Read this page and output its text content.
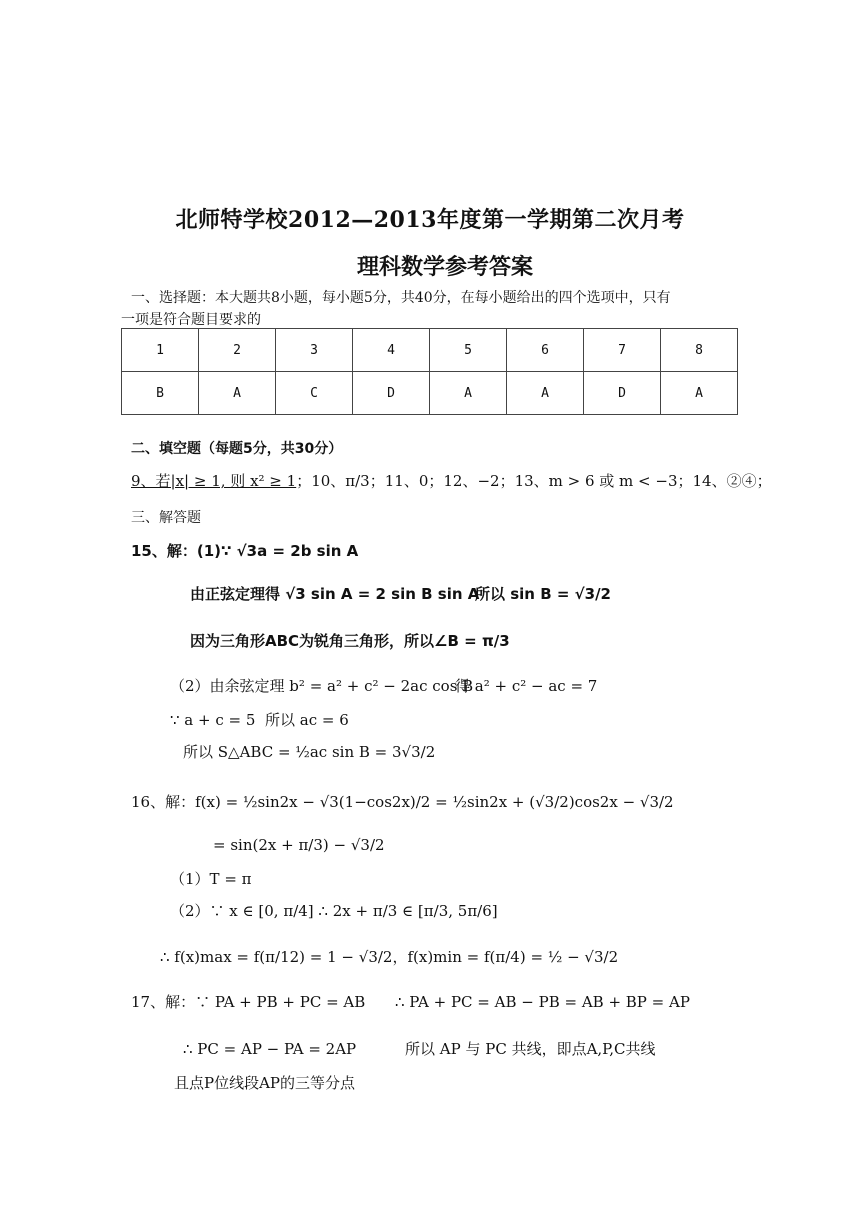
北师特学校2012—2013年度第一学期第二次月考
理科数学参考答案
一、选择题：本大题共8小题，每小题5分，共40分，在每小题给出的四个选项中，只有
一项是符合题目要求的
1	2	3	4	5	6	7	8
B	A	C	D	A	A	D	A
二、填空题（每题5分，共30分）
9、若|x| ≥ 1, 则 x² ≥ 1；10、π/3；11、0；12、−2；13、m > 6 或 m < −3；14、②④；
三、解答题
15、解：(1)∵ √3a = 2b sin A
由正弦定理得 √3 sin A = 2 sin B sin A
所以 sin B = √3/2
因为三角形ABC为锐角三角形，所以∠B = π/3
（2）由余弦定理 b² = a² + c² − 2ac cos B
得 a² + c² − ac = 7
∵ a + c = 5 所以 ac = 6
所以 S△ABC = ½ac sin B = 3√3/2
16、解：f(x) = ½sin2x − √3(1−cos2x)/2 = ½sin2x + (√3/2)cos2x − √3/2
= sin(2x + π/3) − √3/2
（1）T = π
（2）∵ x ∈ [0, π/4] ∴ 2x + π/3 ∈ [π/3, 5π/6]
∴ f(x)max = f(π/12) = 1 − √3/2，f(x)min = f(π/4) = ½ − √3/2
17、解：∵ PA + PB + PC = AB ∴ PA + PC = AB − PB = AB + BP = AP
∴ PC = AP − PA = 2AP	所以 AP 与 PC 共线，即点A,P,C共线
且点P位线段AP的三等分点
